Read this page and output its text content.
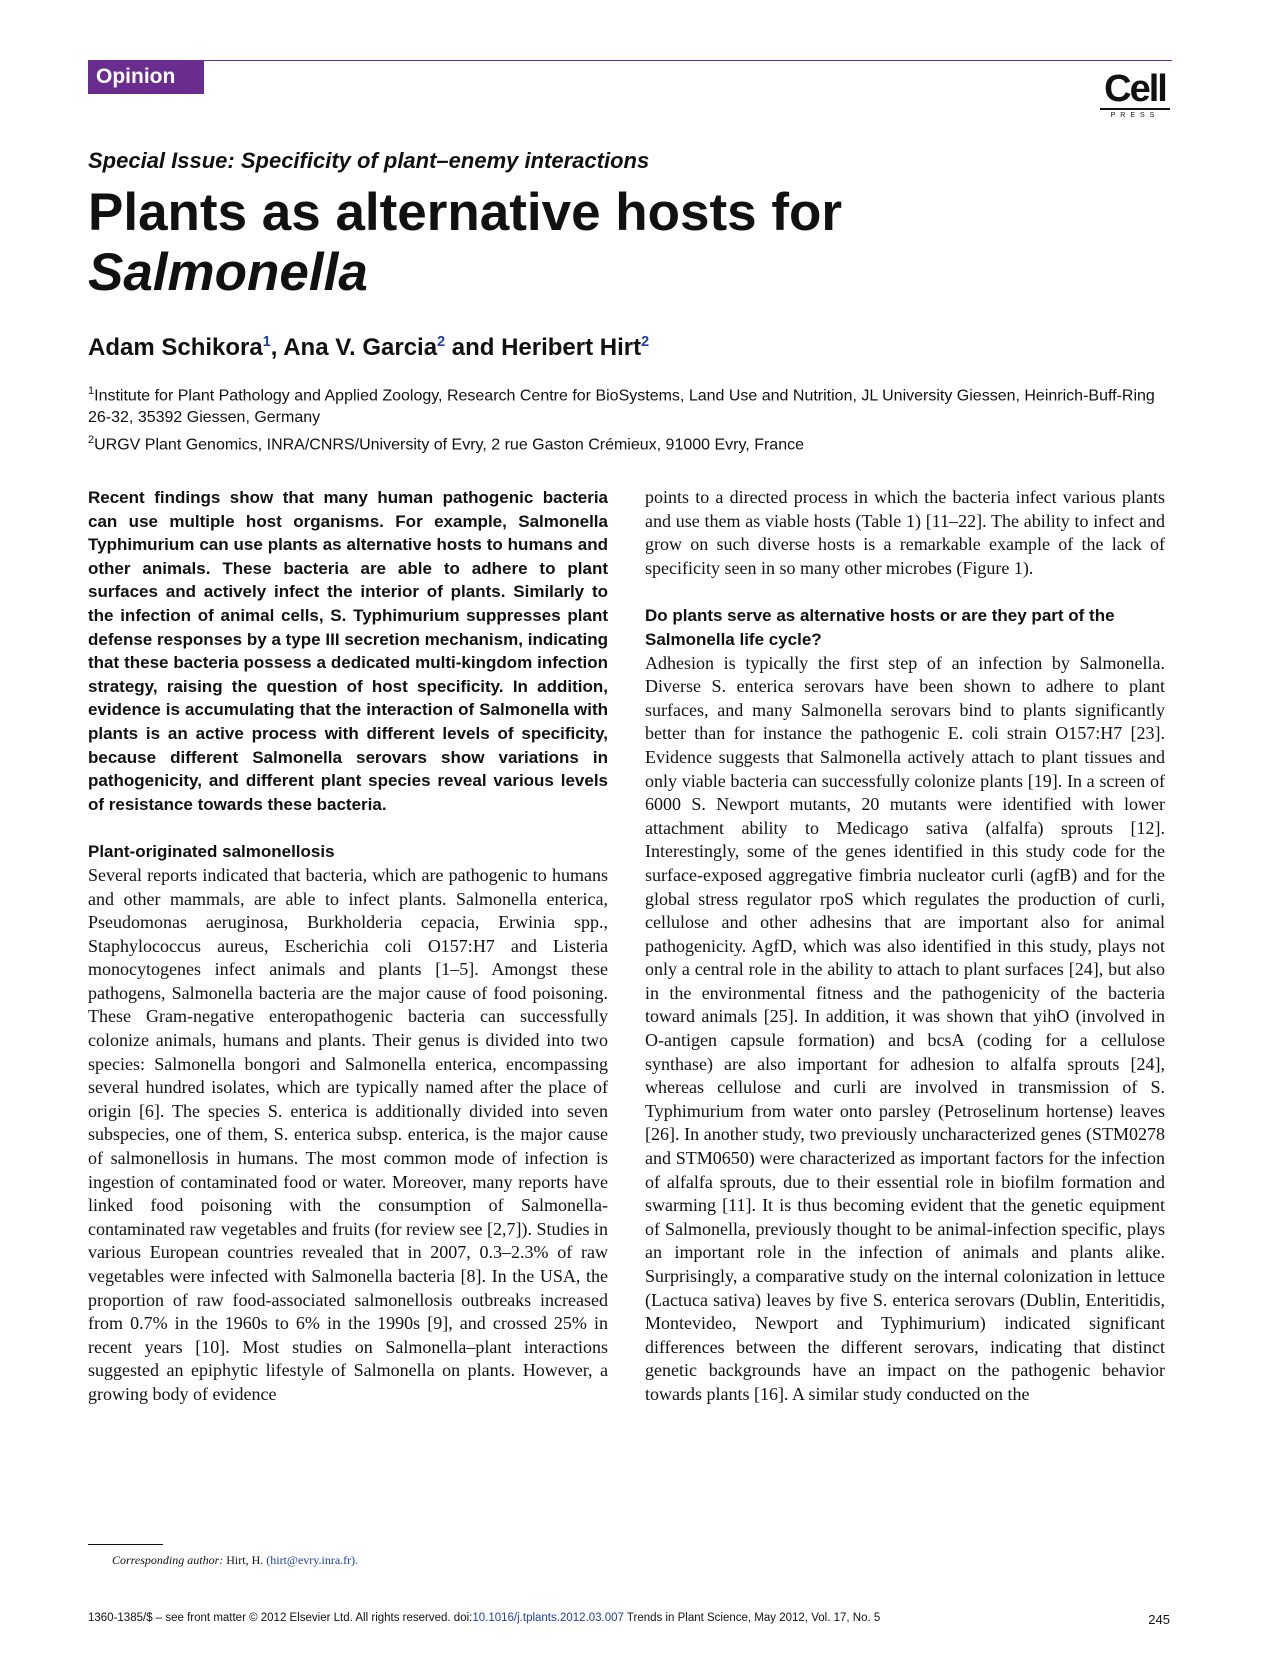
Opinion	Cell
PRESS
Special Issue: Specificity of plant–enemy interactions
Plants as alternative hosts for
Salmonella
Adam Schikora$^1$, Ana V. Garcia$^2$ and Heribert Hirt$^2$
$^1$Institute for Plant Pathology and Applied Zoology, Research Centre for BioSystems, Land Use and Nutrition, JL University Giessen, Heinrich-Buff-Ring 26-32, 35392 Giessen, Germany
$^2$URGV Plant Genomics, INRA/CNRS/University of Evry, 2 rue Gaston Crémieux, 91000 Evry, France

Recent findings show that many human pathogenic bacteria can use multiple host organisms. For example, Salmonella Typhimurium can use plants as alternative hosts to humans and other animals. These bacteria are able to adhere to plant surfaces and actively infect the interior of plants. Similarly to the infection of animal cells, S. Typhimurium suppresses plant defense responses by a type III secretion mechanism, indicating that these bacteria possess a dedicated multi-kingdom infection strategy, raising the question of host specificity. In addition, evidence is accumulating that the interaction of Salmonella with plants is an active process with different levels of specificity, because different Salmonella serovars show variations in pathogenicity, and different plant species reveal various levels of resistance towards these bacteria.

Plant-originated salmonellosis

Several reports indicated that bacteria, which are pathogenic to humans and other mammals, are able to infect plants. Salmonella enterica, Pseudomonas aeruginosa, Burkholderia cepacia, Erwinia spp., Staphylococcus aureus, Escherichia coli O157:H7 and Listeria monocytogenes infect animals and plants [1–5]. Amongst these pathogens, Salmonella bacteria are the major cause of food poisoning. These Gram-negative enteropathogenic bacteria can successfully colonize animals, humans and plants. Their genus is divided into two species: Salmonella bongori and Salmonella enterica, encompassing several hundred isolates, which are typically named after the place of origin [6]. The species S. enterica is additionally divided into seven subspecies, one of them, S. enterica subsp. enterica, is the major cause of salmonellosis in humans. The most common mode of infection is ingestion of contaminated food or water. Moreover, many reports have linked food poisoning with the consumption of Salmonella-contaminated raw vegetables and fruits (for review see [2,7]). Studies in various European countries revealed that in 2007, 0.3–2.3% of raw vegetables were infected with Salmonella bacteria [8]. In the USA, the proportion of raw food-associated salmonellosis outbreaks increased from 0.7% in the 1960s to 6% in the 1990s [9], and crossed 25% in recent years [10]. Most studies on Salmonella–plant interactions suggested an epiphytic lifestyle of Salmonella on plants. However, a growing body of evidence

points to a directed process in which the bacteria infect various plants and use them as viable hosts (Table 1) [11–22]. The ability to infect and grow on such diverse hosts is a remarkable example of the lack of specificity seen in so many other microbes (Figure 1).

Do plants serve as alternative hosts or are they part of the Salmonella life cycle?

Adhesion is typically the first step of an infection by Salmonella. Diverse S. enterica serovars have been shown to adhere to plant surfaces, and many Salmonella serovars bind to plants significantly better than for instance the pathogenic E. coli strain O157:H7 [23]. Evidence suggests that Salmonella actively attach to plant tissues and only viable bacteria can successfully colonize plants [19]. In a screen of 6000 S. Newport mutants, 20 mutants were identified with lower attachment ability to Medicago sativa (alfalfa) sprouts [12]. Interestingly, some of the genes identified in this study code for the surface-exposed aggregative fimbria nucleator curli (agfB) and for the global stress regulator rpoS which regulates the production of curli, cellulose and other adhesins that are important also for animal pathogenicity. AgfD, which was also identified in this study, plays not only a central role in the ability to attach to plant surfaces [24], but also in the environmental fitness and the pathogenicity of the bacteria toward animals [25]. In addition, it was shown that yihO (involved in O-antigen capsule formation) and bcsA (coding for a cellulose synthase) are also important for adhesion to alfalfa sprouts [24], whereas cellulose and curli are involved in transmission of S. Typhimurium from water onto parsley (Petroselinum hortense) leaves [26]. In another study, two previously uncharacterized genes (STM0278 and STM0650) were characterized as important factors for the infection of alfalfa sprouts, due to their essential role in biofilm formation and swarming [11]. It is thus becoming evident that the genetic equipment of Salmonella, previously thought to be animal-infection specific, plays an important role in the infection of animals and plants alike. Surprisingly, a comparative study on the internal colonization in lettuce (Lactuca sativa) leaves by five S. enterica serovars (Dublin, Enteritidis, Montevideo, Newport and Typhimurium) indicated significant differences between the different serovars, indicating that distinct genetic backgrounds have an impact on the pathogenic behavior towards plants [16]. A similar study conducted on the

Corresponding author: Hirt, H. (hirt@evry.inra.fr).
1360-1385/$ – see front matter © 2012 Elsevier Ltd. All rights reserved. doi:10.1016/j.tplants.2012.03.007 Trends in Plant Science, May 2012, Vol. 17, No. 5	245
